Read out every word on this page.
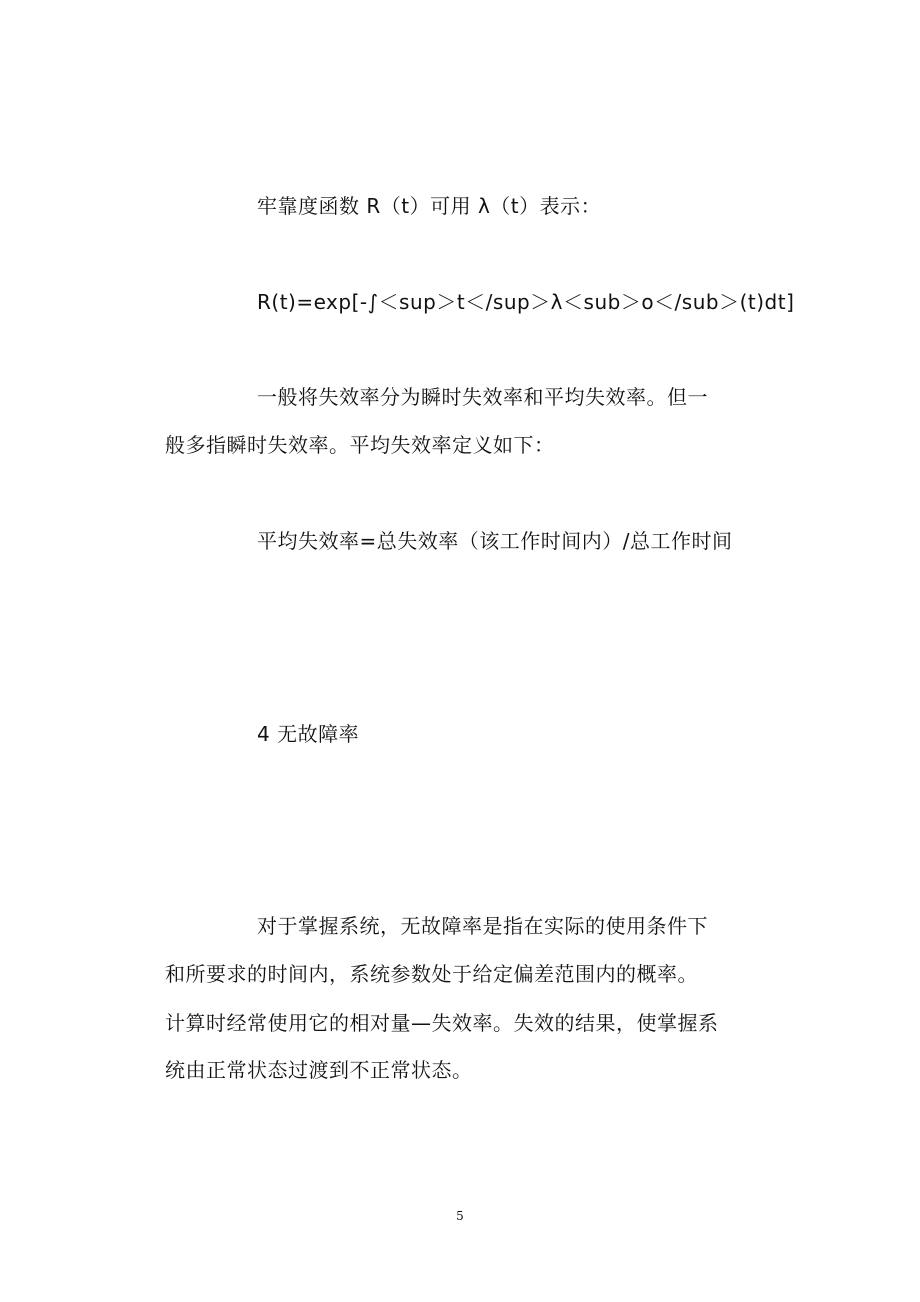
牢靠度函数 R（t）可用 λ（t）表示：

R(t)=exp[-∫＜sup＞t＜/sup＞λ＜sub＞o＜/sub＞(t)dt]

一般将失效率分为瞬时失效率和平均失效率。但一

般多指瞬时失效率。平均失效率定义如下：

平均失效率=总失效率（该工作时间内）/总工作时间

4 无故障率

对于掌握系统，无故障率是指在实际的使用条件下

和所要求的时间内，系统参数处于给定偏差范围内的概率。

计算时经常使用它的相对量—失效率。失效的结果，使掌握系

统由正常状态过渡到不正常状态。

5
